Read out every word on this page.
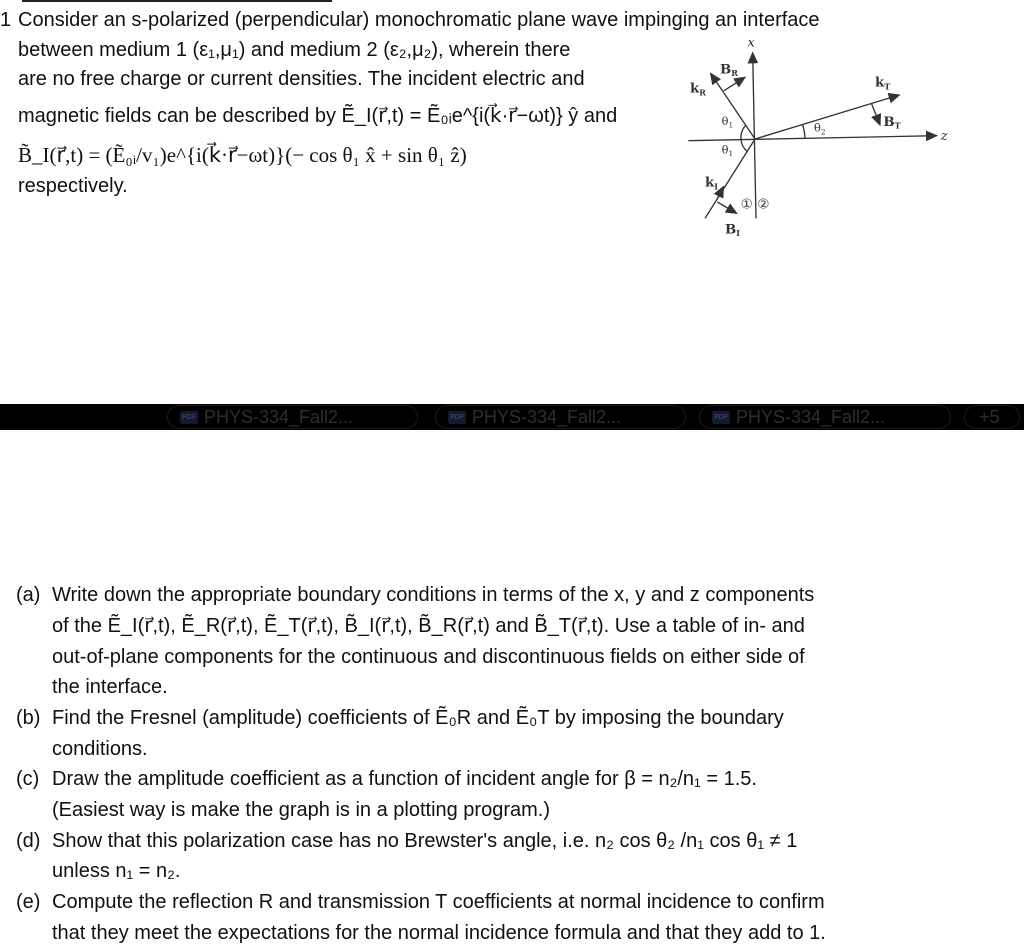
1 Consider an s-polarized (perpendicular) monochromatic plane wave impinging an interface
between medium 1 (ε₁,μ₁) and medium 2 (ε₂,μ₂), wherein there
are no free charge or current densities. The incident electric and
magnetic fields can be described by Ẽ_I(r⃗,t) = Ẽ₀ᵢe^{i(k⃗·r⃗−ωt)} ŷ and
B̃_I(r⃗,t) = (Ẽ₀ᵢ/v₁)e^{i(k⃗·r⃗−ωt)}(− cos θ₁ x̂ + sin θ₁ ẑ)
respectively.
x
z
$k_R$
$B_R$
$k_T$
$B_T$
$k_I$
$B_I$
$\theta_1$
$\theta_1$
$\theta_2$
① ②
PDF PHYS-334_Fall2...	PDF PHYS-334_Fall2...	PDF PHYS-334_Fall2...	+5
(a) Write down the appropriate boundary conditions in terms of the x, y and z components
of the Ẽ_I(r⃗,t), Ẽ_R(r⃗,t), Ẽ_T(r⃗,t), B̃_I(r⃗,t), B̃_R(r⃗,t) and B̃_T(r⃗,t). Use a table of in- and
out-of-plane components for the continuous and discontinuous fields on either side of
the interface.
(b) Find the Fresnel (amplitude) coefficients of Ẽ₀R and Ẽ₀T by imposing the boundary
conditions.
(c) Draw the amplitude coefficient as a function of incident angle for β = n₂/n₁ = 1.5.
(Easiest way is make the graph is in a plotting program.)
(d) Show that this polarization case has no Brewster's angle, i.e. n₂ cos θ₂ /n₁ cos θ₁ ≠ 1
unless n₁ = n₂.
(e) Compute the reflection R and transmission T coefficients at normal incidence to confirm
that they meet the expectations for the normal incidence formula and that they add to 1.
